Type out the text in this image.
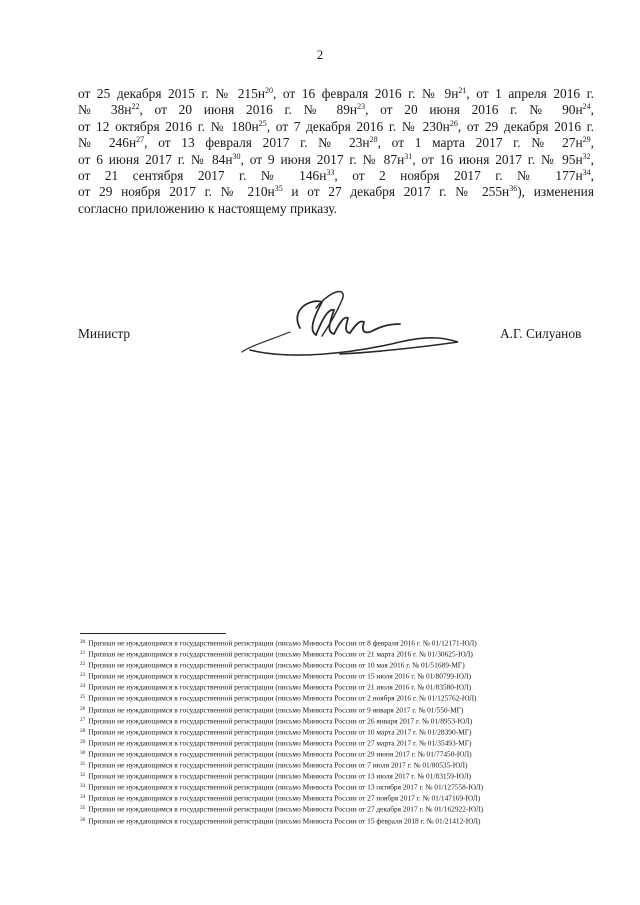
2
от 25 декабря 2015 г. № $215н^{20}$, от 16 февраля 2016 г. № $9н^{21}$, от 1 апреля 2016 г.
№ $38н^{22}$, от 20 июня 2016 г. № $89н^{23}$, от 20 июня 2016 г. № $90н^{24}$,
от 12 октября 2016 г. № $180н^{25}$, от 7 декабря 2016 г. № $230н^{26}$, от 29 декабря 2016 г.
№ $246н^{27}$, от 13 февраля 2017 г. № $23н^{28}$, от 1 марта 2017 г. № $27н^{29}$,
от 6 июня 2017 г. № $84н^{30}$, от 9 июня 2017 г. № $87н^{31}$, от 16 июня 2017 г. № $95н^{32}$,
от 21 сентября 2017 г. № $146н^{33}$, от 2 ноября 2017 г. № $177н^{34}$,
от 29 ноября 2017 г. № $210н^{35}$ и от 27 декабря 2017 г. № $255н^{36}$), изменения
согласно приложению к настоящему приказу.
Министр	А.Г. Силуанов
$^{20}$ Признан не нуждающимся в государственной регистрации (письмо Минюста России от 8 февраля 2016 г. № 01/12171-ЮЛ)
$^{21}$ Признан не нуждающимся в государственной регистрации (письмо Минюста России от 21 марта 2016 г. № 01/30625-ЮЛ)
$^{22}$ Признан не нуждающимся в государственной регистрации (письмо Минюста России от 10 мая 2016 г. № 01/51689-МГ)
$^{23}$ Признан не нуждающимся в государственной регистрации (письмо Минюста России от 15 июля 2016 г. № 01/80799-ЮЛ)
$^{24}$ Признан не нуждающимся в государственной регистрации (письмо Минюста России от 21 июля 2016 г. № 01/83580-ЮЛ)
$^{25}$ Признан не нуждающимся в государственной регистрации (письмо Минюста России от 2 ноября 2016 г. № 01/125762-ЮЛ)
$^{26}$ Признан не нуждающимся в государственной регистрации (письмо Минюста России от 9 января 2017 г. № 01/550-МГ)
$^{27}$ Признан не нуждающимся в государственной регистрации (письмо Минюста России от 26 января 2017 г. № 01/8953-ЮЛ)
$^{28}$ Признан не нуждающимся в государственной регистрации (письмо Минюста России от 10 марта 2017 г. № 01/28390-МГ)
$^{29}$ Признан не нуждающимся в государственной регистрации (письмо Минюста России от 27 марта 2017 г. № 01/35493-МГ)
$^{30}$ Признан не нуждающимся в государственной регистрации (письмо Минюста России от 29 июня 2017 г. № 01/77450-ЮЛ)
$^{31}$ Признан не нуждающимся в государственной регистрации (письмо Минюста России от 7 июля 2017 г. № 01/80535-ЮЛ)
$^{32}$ Признан не нуждающимся в государственной регистрации (письмо Минюста России от 13 июля 2017 г. № 01/83159-ЮЛ)
$^{33}$ Признан не нуждающимся в государственной регистрации (письмо Минюста России от 13 октября 2017 г. № 01/127558-ЮЛ)
$^{34}$ Признан не нуждающимся в государственной регистрации (письмо Минюста России от 27 ноября 2017 г. № 01/147169-ЮЛ)
$^{35}$ Признан не нуждающимся в государственной регистрации (письмо Минюста России от 27 декабря 2017 г. № 01/162922-ЮЛ)
$^{36}$ Признан не нуждающимся в государственной регистрации (письмо Минюста России от 15 февраля 2018 г. № 01/21412-ЮЛ)
